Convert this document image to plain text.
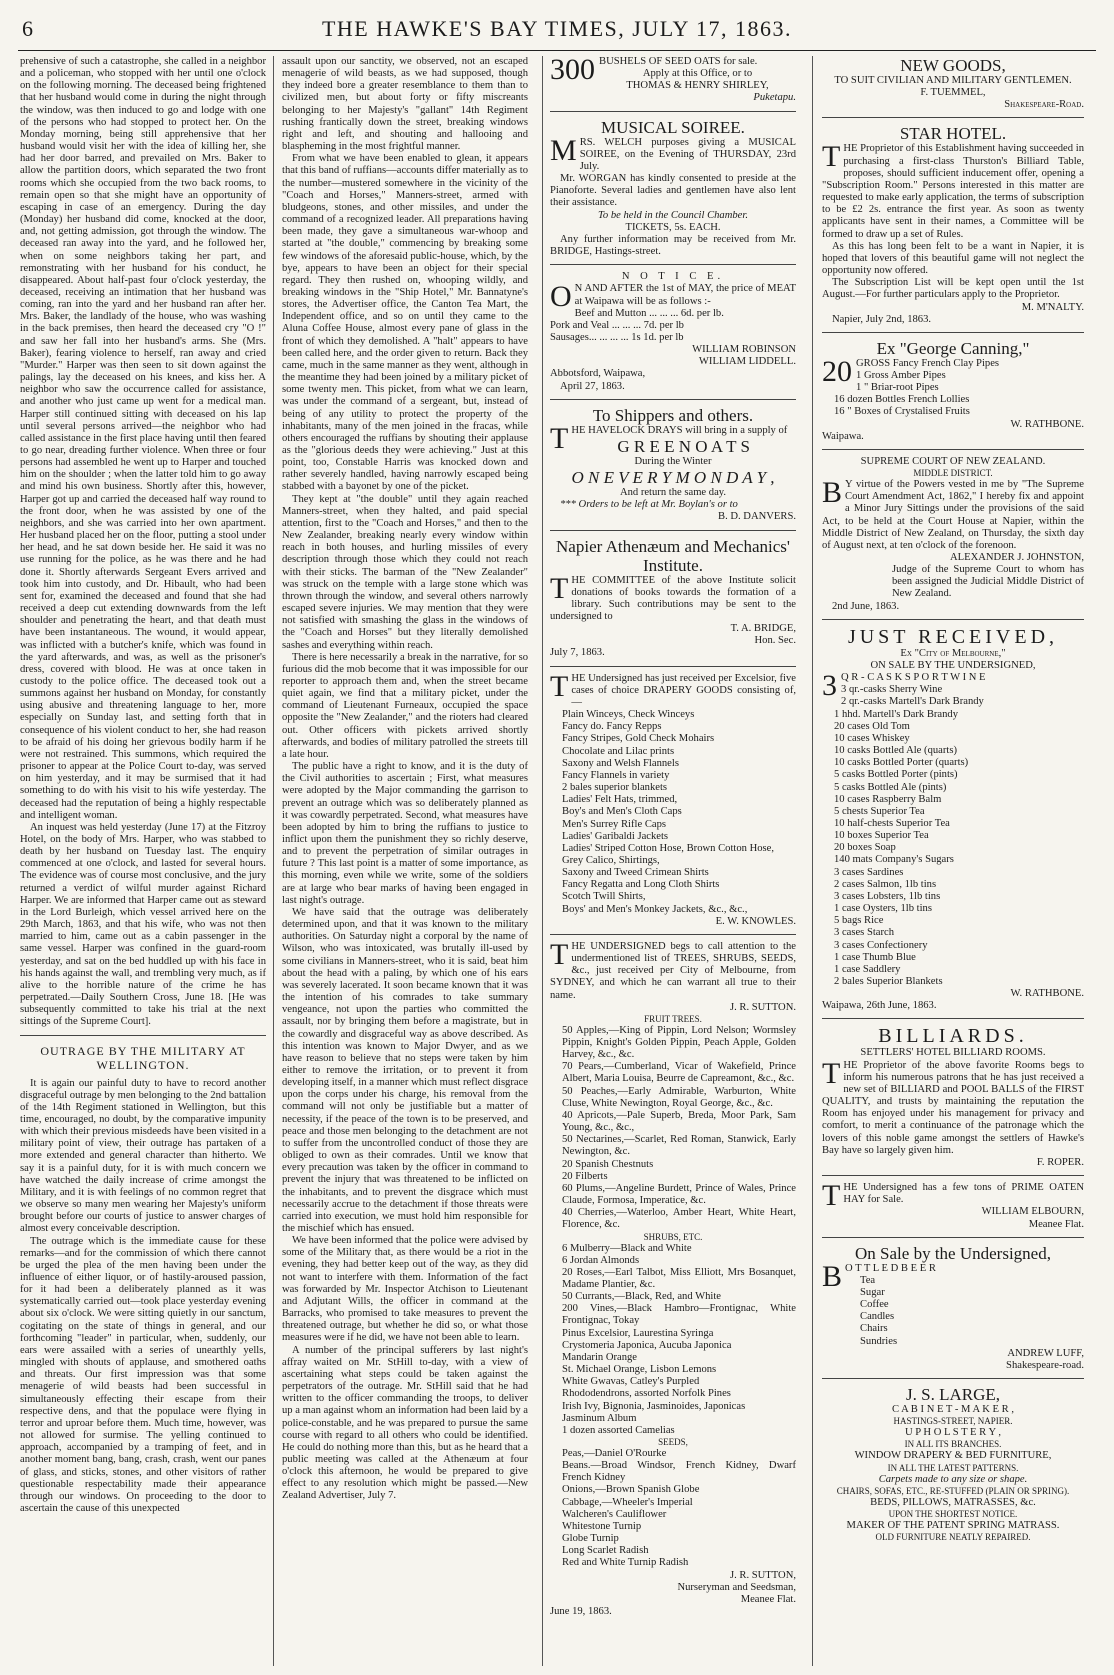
6	THE HAWKE'S BAY TIMES, JULY 17, 1863.

prehensive of such a catastrophe, she called in a neighbor and a policeman, who stopped with her until one o'clock on the following morning. The deceased being frightened that her husband would come in during the night through the window, was then induced to go and lodge with one of the persons who had stopped to protect her. On the Monday morning, being still apprehensive that her husband would visit her with the idea of killing her, she had her door barred, and prevailed on Mrs. Baker to allow the partition doors, which separated the two front rooms which she occupied from the two back rooms, to remain open so that she might have an opportunity of escaping in case of an emergency. During the day (Monday) her husband did come, knocked at the door, and, not getting admission, got through the window. The deceased ran away into the yard, and he followed her, when on some neighbors taking her part, and remonstrating with her husband for his conduct, he disappeared. About half-past four o'clock yesterday, the deceased, receiving an intimation that her husband was coming, ran into the yard and her husband ran after her. Mrs. Baker, the landlady of the house, who was washing in the back premises, then heard the deceased cry "O !" and saw her fall into her husband's arms. She (Mrs. Baker), fearing violence to herself, ran away and cried "Murder." Harper was then seen to sit down against the palings, lay the deceased on his knees, and kiss her. A neighbor who saw the occurrence called for assistance, and another who just came up went for a medical man. Harper still continued sitting with deceased on his lap until several persons arrived—the neighbor who had called assistance in the first place having until then feared to go near, dreading further violence. When three or four persons had assembled he went up to Harper and touched him on the shoulder ; when the latter told him to go away and mind his own business. Shortly after this, however, Harper got up and carried the deceased half way round to the front door, when he was assisted by one of the neighbors, and she was carried into her own apartment. Her husband placed her on the floor, putting a stool under her head, and he sat down beside her. He said it was no use running for the police, as he was there and he had done it. Shortly afterwards Sergeant Evers arrived and took him into custody, and Dr. Hibault, who had been sent for, examined the deceased and found that she had received a deep cut extending downwards from the left shoulder and penetrating the heart, and that death must have been instantaneous. The wound, it would appear, was inflicted with a butcher's knife, which was found in the yard afterwards, and was, as well as the prisoner's dress, covered with blood. He was at once taken in custody to the police office. The deceased took out a summons against her husband on Monday, for constantly using abusive and threatening language to her, more especially on Sunday last, and setting forth that in consequence of his violent conduct to her, she had reason to be afraid of his doing her grievous bodily harm if he were not restrained. This summons, which required the prisoner to appear at the Police Court to-day, was served on him yesterday, and it may be surmised that it had something to do with his visit to his wife yesterday. The deceased had the reputation of being a highly respectable and intelligent woman.

An inquest was held yesterday (June 17) at the Fitzroy Hotel, on the body of Mrs. Harper, who was stabbed to death by her husband on Tuesday last. The enquiry commenced at one o'clock, and lasted for several hours. The evidence was of course most conclusive, and the jury returned a verdict of wilful murder against Richard Harper. We are informed that Harper came out as steward in the Lord Burleigh, which vessel arrived here on the 29th March, 1863, and that his wife, who was not then married to him, came out as a cabin passenger in the same vessel. Harper was confined in the guard-room yesterday, and sat on the bed huddled up with his face in his hands against the wall, and trembling very much, as if alive to the horrible nature of the crime he has perpetrated.—Daily Southern Cross, June 18. [He was subsequently committed to take his trial at the next sittings of the Supreme Court].

OUTRAGE BY THE MILITARY AT WELLINGTON.

It is again our painful duty to have to record another disgraceful outrage by men belonging to the 2nd battalion of the 14th Regiment stationed in Wellington, but this time, encouraged, no doubt, by the comparative impunity with which their previous misdeeds have been visited in a military point of view, their outrage has partaken of a more extended and general character than hitherto. We say it is a painful duty, for it is with much concern we have watched the daily increase of crime amongst the Military, and it is with feelings of no common regret that we observe so many men wearing her Majesty's uniform brought before our courts of justice to answer charges of almost every conceivable description.

The outrage which is the immediate cause for these remarks—and for the commission of which there cannot be urged the plea of the men having been under the influence of either liquor, or of hastily-aroused passion, for it had been a deliberately planned as it was systematically carried out—took place yesterday evening about six o'clock. We were sitting quietly in our sanctum, cogitating on the state of things in general, and our forthcoming "leader" in particular, when, suddenly, our ears were assailed with a series of unearthly yells, mingled with shouts of applause, and smothered oaths and threats. Our first impression was that some menagerie of wild beasts had been successful in simultaneously effecting their escape from their respective dens, and that the populace were flying in terror and uproar before them. Much time, however, was not allowed for surmise. The yelling continued to approach, accompanied by a tramping of feet, and in another moment bang, bang, crash, crash, went our panes of glass, and sticks, stones, and other visitors of rather questionable respectability made their appearance through our windows. On proceeding to the door to ascertain the cause of this unexpected

assault upon our sanctity, we observed, not an escaped menagerie of wild beasts, as we had supposed, though they indeed bore a greater resemblance to them than to civilized men, but about forty or fifty miscreants belonging to her Majesty's "gallant" 14th Regiment rushing frantically down the street, breaking windows right and left, and shouting and hallooing and blaspheming in the most frightful manner.

From what we have been enabled to glean, it appears that this band of ruffians—accounts differ materially as to the number—mustered somewhere in the vicinity of the "Coach and Horses," Manners-street, armed with bludgeons, stones, and other missiles, and under the command of a recognized leader. All preparations having been made, they gave a simultaneous war-whoop and started at "the double," commencing by breaking some few windows of the aforesaid public-house, which, by the bye, appears to have been an object for their special regard. They then rushed on, whooping wildly, and breaking windows in the "Ship Hotel," Mr. Bannatyne's stores, the Advertiser office, the Canton Tea Mart, the Independent office, and so on until they came to the Aluna Coffee House, almost every pane of glass in the front of which they demolished. A "halt" appears to have been called here, and the order given to return. Back they came, much in the same manner as they went, although in the meantime they had been joined by a military picket of some twenty men. This picket, from what we can learn, was under the command of a sergeant, but, instead of being of any utility to protect the property of the inhabitants, many of the men joined in the fracas, while others encouraged the ruffians by shouting their applause as the "glorious deeds they were achieving." Just at this point, too, Constable Harris was knocked down and rather severely handled, having narrowly escaped being stabbed with a bayonet by one of the picket.

They kept at "the double" until they again reached Manners-street, when they halted, and paid special attention, first to the "Coach and Horses," and then to the New Zealander, breaking nearly every window within reach in both houses, and hurling missiles of every description through those which they could not reach with their sticks. The barman of the "New Zealander" was struck on the temple with a large stone which was thrown through the window, and several others narrowly escaped severe injuries. We may mention that they were not satisfied with smashing the glass in the windows of the "Coach and Horses" but they literally demolished sashes and everything within reach.

There is here necessarily a break in the narrative, for so furious did the mob become that it was impossible for our reporter to approach them and, when the street became quiet again, we find that a military picket, under the command of Lieutenant Furneaux, occupied the space opposite the "New Zealander," and the rioters had cleared out. Other officers with pickets arrived shortly afterwards, and bodies of military patrolled the streets till a late hour.

The public have a right to know, and it is the duty of the Civil authorities to ascertain ; First, what measures were adopted by the Major commanding the garrison to prevent an outrage which was so deliberately planned as it was cowardly perpetrated. Second, what measures have been adopted by him to bring the ruffians to justice to inflict upon them the punishment they so richly deserve, and to prevent the perpetration of similar outrages in future ? This last point is a matter of some importance, as this morning, even while we write, some of the soldiers are at large who bear marks of having been engaged in last night's outrage.

We have said that the outrage was deliberately determined upon, and that it was known to the military authorities. On Saturday night a corporal by the name of Wilson, who was intoxicated, was brutally ill-used by some civilians in Manners-street, who it is said, beat him about the head with a paling, by which one of his ears was severely lacerated. It soon became known that it was the intention of his comrades to take summary vengeance, not upon the parties who committed the assault, nor by bringing them before a magistrate, but in the cowardly and disgraceful way as above described. As this intention was known to Major Dwyer, and as we have reason to believe that no steps were taken by him either to remove the irritation, or to prevent it from developing itself, in a manner which must reflect disgrace upon the corps under his charge, his removal from the command will not only be justifiable but a matter of necessity, if the peace of the town is to be preserved, and peace and those men belonging to the detachment are not to suffer from the uncontrolled conduct of those they are obliged to own as their comrades. Until we know that every precaution was taken by the officer in command to prevent the injury that was threatened to be inflicted on the inhabitants, and to prevent the disgrace which must necessarily accrue to the detachment if those threats were carried into execution, we must hold him responsible for the mischief which has ensued.

We have been informed that the police were advised by some of the Military that, as there would be a riot in the evening, they had better keep out of the way, as they did not want to interfere with them. Information of the fact was forwarded by Mr. Inspector Atchison to Lieutenant and Adjutant Wills, the officer in command at the Barracks, who promised to take measures to prevent the threatened outrage, but whether he did so, or what those measures were if he did, we have not been able to learn.

A number of the principal sufferers by last night's affray waited on Mr. StHill to-day, with a view of ascertaining what steps could be taken against the perpetrators of the outrage. Mr. StHill said that he had written to the officer commanding the troops, to deliver up a man against whom an information had been laid by a police-constable, and he was prepared to pursue the same course with regard to all others who could be identified. He could do nothing more than this, but as he heard that a public meeting was called at the Athenæum at four o'clock this afternoon, he would be prepared to give effect to any resolution which might be passed.—New Zealand Advertiser, July 7.

300 BUSHELS OF SEED OATS for sale.

Apply at this Office, or to

THOMAS & HENRY SHIRLEY,

Puketapu.

MUSICAL SOIREE.
M RS. WELCH purposes giving a MUSICAL SOIREE, on the Evening of THURSDAY, 23rd July.

Mr. WORGAN has kindly consented to preside at the Pianoforte. Several ladies and gentlemen have also lent their assistance.

To be held in the Council Chamber.

TICKETS, 5s. EACH.

Any further information may be received from Mr. BRIDGE, Hastings-street.

N O T I C E.
O N AND AFTER the 1st of MAY, the price of MEAT at Waipawa will be as follows :-

Beef and Mutton ... ... ... 6d. per lb.

Pork and Veal ... ... ... 7d. per lb

Sausages... ... ... ... 1s 1d. per lb

WILLIAM ROBINSON

WILLIAM LIDDELL.

Abbotsford, Waipawa,

April 27, 1863.

To Shippers and others.
T HE HAVELOCK DRAYS will bring in a supply of

G R E E N O A T S

During the Winter

O N E V E R Y M O N D A Y ,

And return the same day.

*** Orders to be left at Mr. Boylan's or to

B. D. DANVERS.

Napier Athenæum and Mechanics' Institute.
T HE COMMITTEE of the above Institute solicit donations of books towards the formation of a library. Such contributions may be sent to the undersigned to

T. A. BRIDGE,

Hon. Sec.

July 7, 1863.

T HE Undersigned has just received per Excelsior, five cases of choice DRAPERY GOODS consisting of,—

Plain Winceys, Check Winceys
Fancy do. Fancy Repps
Fancy Stripes, Gold Check Mohairs
Chocolate and Lilac prints
Saxony and Welsh Flannels
Fancy Flannels in variety
2 bales superior blankets
Ladies' Felt Hats, trimmed,
Boy's and Men's Cloth Caps
Men's Surrey Rifle Caps
Ladies' Garibaldi Jackets
Ladies' Striped Cotton Hose, Brown Cotton Hose,
Grey Calico, Shirtings,
Saxony and Tweed Crimean Shirts
Fancy Regatta and Long Cloth Shirts
Scotch Twill Shirts,
Boys' and Men's Monkey Jackets, &c., &c.,

E. W. KNOWLES.

T HE UNDERSIGNED begs to call attention to the undermentioned list of TREES, SHRUBS, SEEDS, &c., just received per City of Melbourne, from SYDNEY, and which he can warrant all true to their name.

J. R. SUTTON.

FRUIT TREES.

50 Apples,—King of Pippin, Lord Nelson; Wormsley Pippin, Knight's Golden Pippin, Peach Apple, Golden Harvey, &c., &c.
70 Pears,—Cumberland, Vicar of Wakefield, Prince Albert, Maria Louisa, Beurre de Capreamont, &c., &c.
50 Peaches,—Early Admirable, Warburton, White Cluse, White Newington, Royal George, &c., &c.
40 Apricots,—Pale Superb, Breda, Moor Park, Sam Young, &c., &c.,
50 Nectarines,—Scarlet, Red Roman, Stanwick, Early Newington, &c.
20 Spanish Chestnuts
20 Filberts
60 Plums,—Angeline Burdett, Prince of Wales, Prince Claude, Formosa, Imperatice, &c.
40 Cherries,—Waterloo, Amber Heart, White Heart, Florence, &c.

SHRUBS, ETC.

6 Mulberry—Black and White
6 Jordan Almonds
20 Roses,—Earl Talbot, Miss Elliott, Mrs Bosanquet, Madame Plantier, &c.
50 Currants,—Black, Red, and White
200 Vines,—Black Hambro—Frontignac, White Frontignac, Tokay
Pinus Excelsior, Laurestina Syringa
Crystomeria Japonica, Aucuba Japonica
Mandarin Orange
St. Michael Orange, Lisbon Lemons
White Gwavas, Catley's Purpled
Rhododendrons, assorted Norfolk Pines
Irish Ivy, Bignonia, Jasminoides, Japonicas
Jasminum Album
1 dozen assorted Camelias

SEEDS,

Peas,—Daniel O'Rourke
Beans.—Broad Windsor, French Kidney, Dwarf French Kidney
Onions,—Brown Spanish Globe
Cabbage,—Wheeler's Imperial
Walcheren's Cauliflower
Whitestone Turnip
Globe Turnip
Long Scarlet Radish
Red and White Turnip Radish

J. R. SUTTON,

Nurseryman and Seedsman,

Meanee Flat.

June 19, 1863.

NEW GOODS,

TO SUIT CIVILIAN AND MILITARY GENTLEMEN.

F. TUEMMEL,

Shakespeare-Road.

STAR HOTEL.
T HE Proprietor of this Establishment having succeeded in purchasing a first-class Thurston's Billiard Table, proposes, should sufficient inducement offer, opening a "Subscription Room." Persons interested in this matter are requested to make early application, the terms of subscription to be £2 2s. entrance the first year. As soon as twenty applicants have sent in their names, a Committee will be formed to draw up a set of Rules.

As this has long been felt to be a want in Napier, it is hoped that lovers of this beautiful game will not neglect the opportunity now offered.

The Subscription List will be kept open until the 1st August.—For further particulars apply to the Proprietor.

M. M'NALTY.

Napier, July 2nd, 1863.

Ex "George Canning,"
20 GROSS Fancy French Clay Pipes
1 Gross Amber Pipes
1 " Briar-root Pipes
16 dozen Bottles French Lollies
16 " Boxes of Crystalised Fruits

W. RATHBONE.

Waipawa.

SUPREME COURT OF NEW ZEALAND.

MIDDLE DISTRICT.

B Y virtue of the Powers vested in me by "The Supreme Court Amendment Act, 1862," I hereby fix and appoint a Minor Jury Sittings under the provisions of the said Act, to be held at the Court House at Napier, within the Middle District of New Zealand, on Thursday, the sixth day of August next, at ten o'clock of the forenoon.

ALEXANDER J. JOHNSTON,

Judge of the Supreme Court to whom has been assigned the Judicial Middle District of New Zealand.

2nd June, 1863.

JUST RECEIVED,

Ex "City of Melbourne,"

ON SALE BY THE UNDERSIGNED,

3 Q R - C A S K S P O R T W I N E

3 qr.-casks Sherry Wine
2 qr.-casks Martell's Dark Brandy
1 hhd. Martell's Dark Brandy
20 cases Old Tom
10 cases Whiskey
10 casks Bottled Ale (quarts)
10 casks Bottled Porter (quarts)
5 casks Bottled Porter (pints)
5 casks Bottled Ale (pints)
10 cases Raspberry Balm
5 chests Superior Tea
10 half-chests Superior Tea
10 boxes Superior Tea
20 boxes Soap
140 mats Company's Sugars
3 cases Sardines
2 cases Salmon, 1lb tins
3 cases Lobsters, 1lb tins
1 case Oysters, 1lb tins
5 bags Rice
3 cases Starch
3 cases Confectionery
1 case Thumb Blue
1 case Saddlery
2 bales Superior Blankets

W. RATHBONE.

Waipawa, 26th June, 1863.

BILLIARDS.

SETTLERS' HOTEL BILLIARD ROOMS.

T HE Proprietor of the above favorite Rooms begs to inform his numerous patrons that he has just received a new set of BILLIARD and POOL BALLS of the FIRST QUALITY, and trusts by maintaining the reputation the Room has enjoyed under his management for privacy and comfort, to merit a continuance of the patronage which the lovers of this noble game amongst the settlers of Hawke's Bay have so largely given him.

F. ROPER.

T HE Undersigned has a few tons of PRIME OATEN HAY for Sale.

WILLIAM ELBOURN,

Meanee Flat.

On Sale by the Undersigned,
B O T T L E D B E E R

Tea
Sugar
Coffee
Candles
Chairs
Sundries

ANDREW LUFF,

Shakespeare-road.

J. S. LARGE,

C A B I N E T - M A K E R ,

HASTINGS-STREET, NAPIER.

U P H O L S T E R Y ,

IN ALL ITS BRANCHES.

WINDOW DRAPERY & BED FURNITURE,

IN ALL THE LATEST PATTERNS.

Carpets made to any size or shape.

CHAIRS, SOFAS, ETC., RE-STUFFED (PLAIN OR SPRING).

BEDS, PILLOWS, MATRASSES, &c.

UPON THE SHORTEST NOTICE.

MAKER OF THE PATENT SPRING MATRASS.

OLD FURNITURE NEATLY REPAIRED.
